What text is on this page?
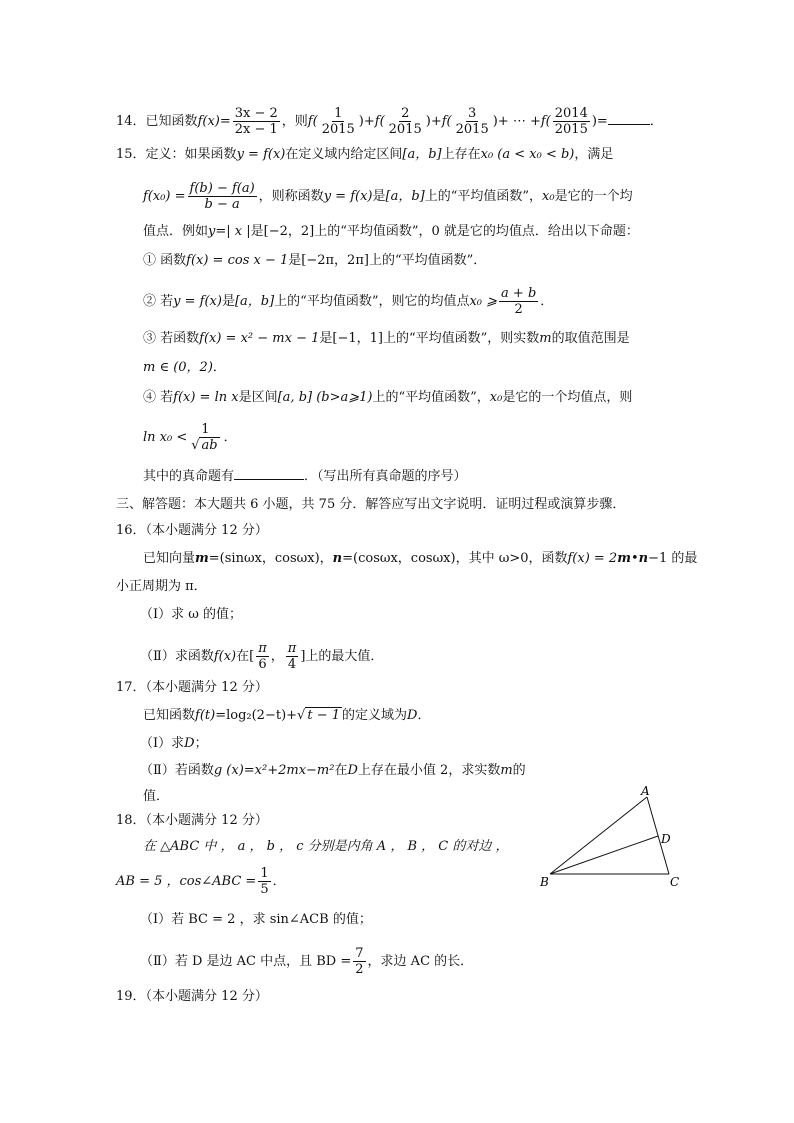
14．已知函数$f(x)= \frac{3x - 2}{2x - 1}$ ，则$f( \frac{1}{2015} )+f( \frac{2}{2015} )+f( \frac{3}{2015}$ )+ ⋯ $+f( \frac{2014}{2015}$ )=	．
15．定义：如果函数y = f(x)在定义域内给定区间[a，b]上存在x₀ (a < x₀ < b)，满足
$f(x_0) = \frac{f(b) - f(a)}{b - a}$ ，则称函数y = f(x)是[a，b]上的“平均值函数”，x₀是它的一个均
值点．例如y=| x |是[−2，2]上的“平均值函数”，0 就是它的均值点．给出以下命题：
① 函数f(x) = cos x − 1是[−2π，2π]上的“平均值函数”．
② 若y = f(x)是[a，b]上的“平均值函数”，则它的均值点x₀ ⩾ $\frac{a + b}{2}$ ．
③ 若函数f(x) = x² − mx − 1是[−1，1]上的“平均值函数”，则实数m的取值范围是
m ∈ (0，2)．
④ 若f(x) = ln x是区间[a, b] (b>a⩾1)上的“平均值函数”，x₀是它的一个均值点，则
$\ln x_0 < \frac{1}{√ ab}$ ．
其中的真命题有	．（写出所有真命题的序号）
三、解答题：本大题共 6 小题，共 75 分．解答应写出文字说明．证明过程或演算步骤．
16．（本小题满分 12 分）
已知向量m=(sinωx，cosωx)，n=(cosωx，cosωx)，其中 ω>0，函数f(x) = 2m•n−1 的最
小正周期为 π．
（Ⅰ）求 ω 的值；
（Ⅱ）求函数f(x)在[ $\frac{\pi}{6}$ ， $\frac{\pi}{4}$ ]上的最大值．
17．（本小题满分 12 分）
已知函数f(t)=log₂(2−t)+√ t − 1 的定义域为D．
（Ⅰ）求D；
（Ⅱ）若函数g (x)=x²+2mx−m²在D上存在最小值 2，求实数m的
值．
18．（本小题满分 12 分）
在 △ABC 中 ， a ， b ， c 分别是内角 A ， B ， C 的对边 ，
AB = 5 ，cos∠ABC = $\frac{1}{5}$ ．
（Ⅰ）若 BC = 2 ，求 sin∠ACB 的值；
（Ⅱ）若 D 是边 AC 中点，且 BD = $\frac{7}{2}$ ，求边 AC 的长．
A
B	C
D
19．（本小题满分 12 分）
